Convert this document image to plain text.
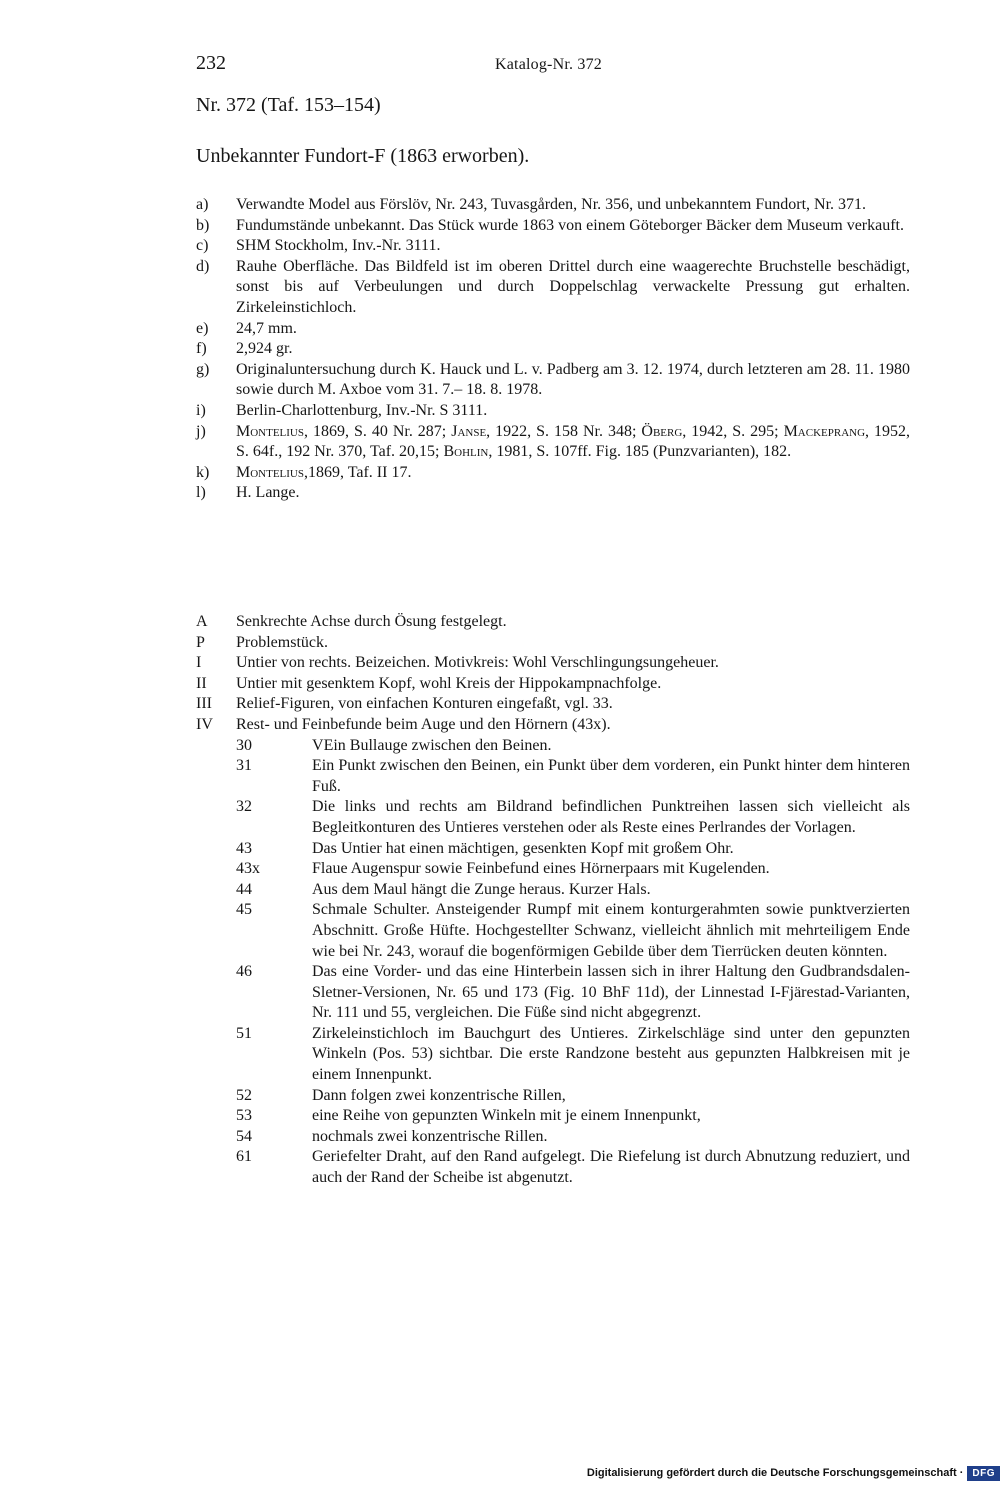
232	Katalog-Nr. 372
Nr. 372 (Taf. 153–154)
Unbekannter Fundort-F (1863 erworben).
a) Verwandte Model aus Förslöv, Nr. 243, Tuvasgården, Nr. 356, und unbekanntem Fundort, Nr. 371.
b) Fundumstände unbekannt. Das Stück wurde 1863 von einem Göteborger Bäcker dem Museum verkauft.
c) SHM Stockholm, Inv.-Nr. 3111.
d) Rauhe Oberfläche. Das Bildfeld ist im oberen Drittel durch eine waagerechte Bruchstelle beschädigt, sonst bis auf Verbeulungen und durch Doppelschlag verwackelte Pressung gut erhalten. Zirkeleinstichloch.
e) 24,7 mm.
f) 2,924 gr.
g) Originaluntersuchung durch K. Hauck und L. v. Padberg am 3. 12. 1974, durch letzteren am 28. 11. 1980 sowie durch M. Axboe vom 31. 7.– 18. 8. 1978.
i) Berlin-Charlottenburg, Inv.-Nr. S 3111.
j) Montelius, 1869, S. 40 Nr. 287; Janse, 1922, S. 158 Nr. 348; Öberg, 1942, S. 295; Mackeprang, 1952, S. 64f., 192 Nr. 370, Taf. 20,15; Bohlin, 1981, S. 107ff. Fig. 185 (Punzvarianten), 182.
k) Montelius,1869, Taf. II 17.
l) H. Lange.
A Senkrechte Achse durch Ösung festgelegt.
P Problemstück.
I Untier von rechts. Beizeichen. Motivkreis: Wohl Verschlingungsungeheuer.
II Untier mit gesenktem Kopf, wohl Kreis der Hippokampnachfolge.
III Relief-Figuren, von einfachen Konturen eingefaßt, vgl. 33.
IV Rest- und Feinbefunde beim Auge und den Hörnern (43x).
V
30	Ein Bullauge zwischen den Beinen.
31	Ein Punkt zwischen den Beinen, ein Punkt über dem vorderen, ein Punkt hinter dem hinteren Fuß.
32	Die links und rechts am Bildrand befindlichen Punktreihen lassen sich vielleicht als Begleitkonturen des Untieres verstehen oder als Reste eines Perlrandes der Vorlagen.
43	Das Untier hat einen mächtigen, gesenkten Kopf mit großem Ohr.
43x	Flaue Augenspur sowie Feinbefund eines Hörnerpaars mit Kugelenden.
44	Aus dem Maul hängt die Zunge heraus. Kurzer Hals.
45	Schmale Schulter. Ansteigender Rumpf mit einem konturgerahmten sowie punktverzierten Abschnitt. Große Hüfte. Hochgestellter Schwanz, vielleicht ähnlich mit mehrteiligem Ende wie bei Nr. 243, worauf die bogenförmigen Gebilde über dem Tierrücken deuten könnten.
46	Das eine Vorder- und das eine Hinterbein lassen sich in ihrer Haltung den Gudbrandsdalen-Sletner-Versionen, Nr. 65 und 173 (Fig. 10 BhF 11d), der Linnestad I-Fjärestad-Varianten, Nr. 111 und 55, vergleichen. Die Füße sind nicht abgegrenzt.
51	Zirkeleinstichloch im Bauchgurt des Untieres. Zirkelschläge sind unter den gepunzten Winkeln (Pos. 53) sichtbar. Die erste Randzone besteht aus gepunzten Halbkreisen mit je einem Innenpunkt.
52	Dann folgen zwei konzentrische Rillen,
53	eine Reihe von gepunzten Winkeln mit je einem Innenpunkt,
54	nochmals zwei konzentrische Rillen.
61	Geriefelter Draht, auf den Rand aufgelegt. Die Riefelung ist durch Abnutzung reduziert, und auch der Rand der Scheibe ist abgenutzt.
Digitalisierung gefördert durch die Deutsche Forschungsgemeinschaft · DFG
